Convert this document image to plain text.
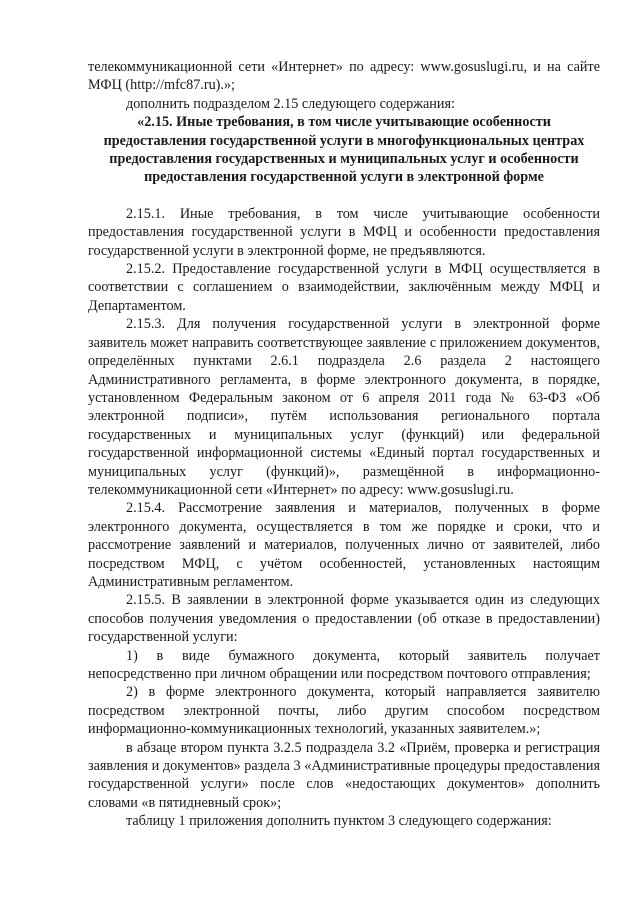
телекоммуникационной сети «Интернет» по адресу: www.gosuslugi.ru, и на сайте МФЦ (http://mfc87.ru).»;

дополнить подразделом 2.15 следующего содержания:

«2.15. Иные требования, в том числе учитывающие особенности предоставления государственной услуги в многофункциональных центрах предоставления государственных и муниципальных услуг и особенности предоставления государственной услуги в электронной форме

2.15.1. Иные требования, в том числе учитывающие особенности предоставления государственной услуги в МФЦ и особенности предоставления государственной услуги в электронной форме, не предъявляются.

2.15.2. Предоставление государственной услуги в МФЦ осуществляется в соответствии с соглашением о взаимодействии, заключённым между МФЦ и Департаментом.

2.15.3. Для получения государственной услуги в электронной форме заявитель может направить соответствующее заявление с приложением документов, определённых пунктами 2.6.1 подраздела 2.6 раздела 2 настоящего Административного регламента, в форме электронного документа, в порядке, установленном Федеральным законом от 6 апреля 2011 года № 63-ФЗ «Об электронной подписи», путём использования регионального портала государственных и муниципальных услуг (функций) или федеральной государственной информационной системы «Единый портал государственных и муниципальных услуг (функций)», размещённой в информационно-телекоммуникационной сети «Интернет» по адресу: www.gosuslugi.ru.

2.15.4. Рассмотрение заявления и материалов, полученных в форме электронного документа, осуществляется в том же порядке и сроки, что и рассмотрение заявлений и материалов, полученных лично от заявителей, либо посредством МФЦ, с учётом особенностей, установленных настоящим Административным регламентом.

2.15.5. В заявлении в электронной форме указывается один из следующих способов получения уведомления о предоставлении (об отказе в предоставлении) государственной услуги:

1) в виде бумажного документа, который заявитель получает непосредственно при личном обращении или посредством почтового отправления;

2) в форме электронного документа, который направляется заявителю посредством электронной почты, либо другим способом посредством информационно-коммуникационных технологий, указанных заявителем.»;

в абзаце втором пункта 3.2.5 подраздела 3.2 «Приём, проверка и регистрация заявления и документов» раздела 3 «Административные процедуры предоставления государственной услуги» после слов «недостающих документов» дополнить словами «в пятидневный срок»;

таблицу 1 приложения дополнить пунктом 3 следующего содержания:
